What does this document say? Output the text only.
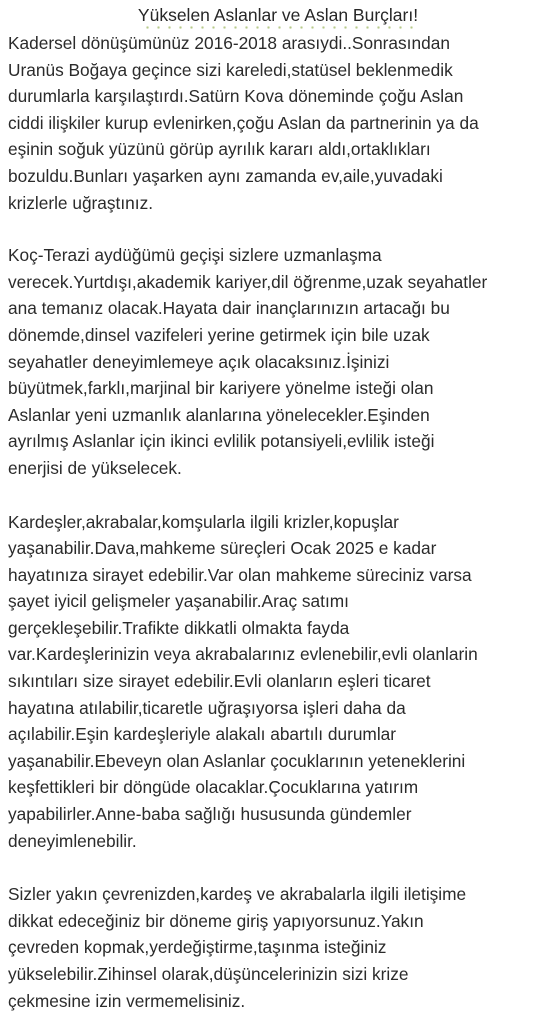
Yükselen Aslanlar ve Aslan Burçları!

Kadersel dönüşümünüz 2016-2018 arasıydi..Sonrasından
Uranüs Boğaya geçince sizi kareledi,statüsel beklenmedik
durumlarla karşılaştırdı.Satürn Kova döneminde çoğu Aslan
ciddi ilişkiler kurup evlenirken,çoğu Aslan da partnerinin ya da
eşinin soğuk yüzünü görüp ayrılık kararı aldı,ortaklıkları
bozuldu.Bunları yaşarken aynı zamanda ev,aile,yuvadaki
krizlerle uğraştınız.

Koç-Terazi aydüğümü geçişi sizlere uzmanlaşma
verecek.Yurtdışı,akademik kariyer,dil öğrenme,uzak seyahatler
ana temanız olacak.Hayata dair inançlarınızın artacağı bu
dönemde,dinsel vazifeleri yerine getirmek için bile uzak
seyahatler deneyimlemeye açık olacaksınız.İşinizi
büyütmek,farklı,marjinal bir kariyere yönelme isteği olan
Aslanlar yeni uzmanlık alanlarına yönelecekler.Eşinden
ayrılmış Aslanlar için ikinci evlilik potansiyeli,evlilik isteği
enerjisi de yükselecek.

Kardeşler,akrabalar,komşularla ilgili krizler,kopuşlar
yaşanabilir.Dava,mahkeme süreçleri Ocak 2025 e kadar
hayatınıza sirayet edebilir.Var olan mahkeme süreciniz varsa
şayet iyicil gelişmeler yaşanabilir.Araç satımı
gerçekleşebilir.Trafikte dikkatli olmakta fayda
var.Kardeşlerinizin veya akrabalarınız evlenebilir,evli olanlarin
sıkıntıları size sirayet edebilir.Evli olanların eşleri ticaret
hayatına atılabilir,ticaretle uğraşıyorsa işleri daha da
açılabilir.Eşin kardeşleriyle alakalı abartılı durumlar
yaşanabilir.Ebeveyn olan Aslanlar çocuklarının yeteneklerini
keşfettikleri bir döngüde olacaklar.Çocuklarına yatırım
yapabilirler.Anne-baba sağlığı hususunda gündemler
deneyimlenebilir.

Sizler yakın çevrenizden,kardeş ve akrabalarla ilgili iletişime
dikkat edeceğiniz bir döneme giriş yapıyorsunuz.Yakın
çevreden kopmak,yerdeğiştirme,taşınma isteğiniz
yükselebilir.Zihinsel olarak,düşüncelerinizin sizi krize
çekmesine izin vermemelisiniz.
